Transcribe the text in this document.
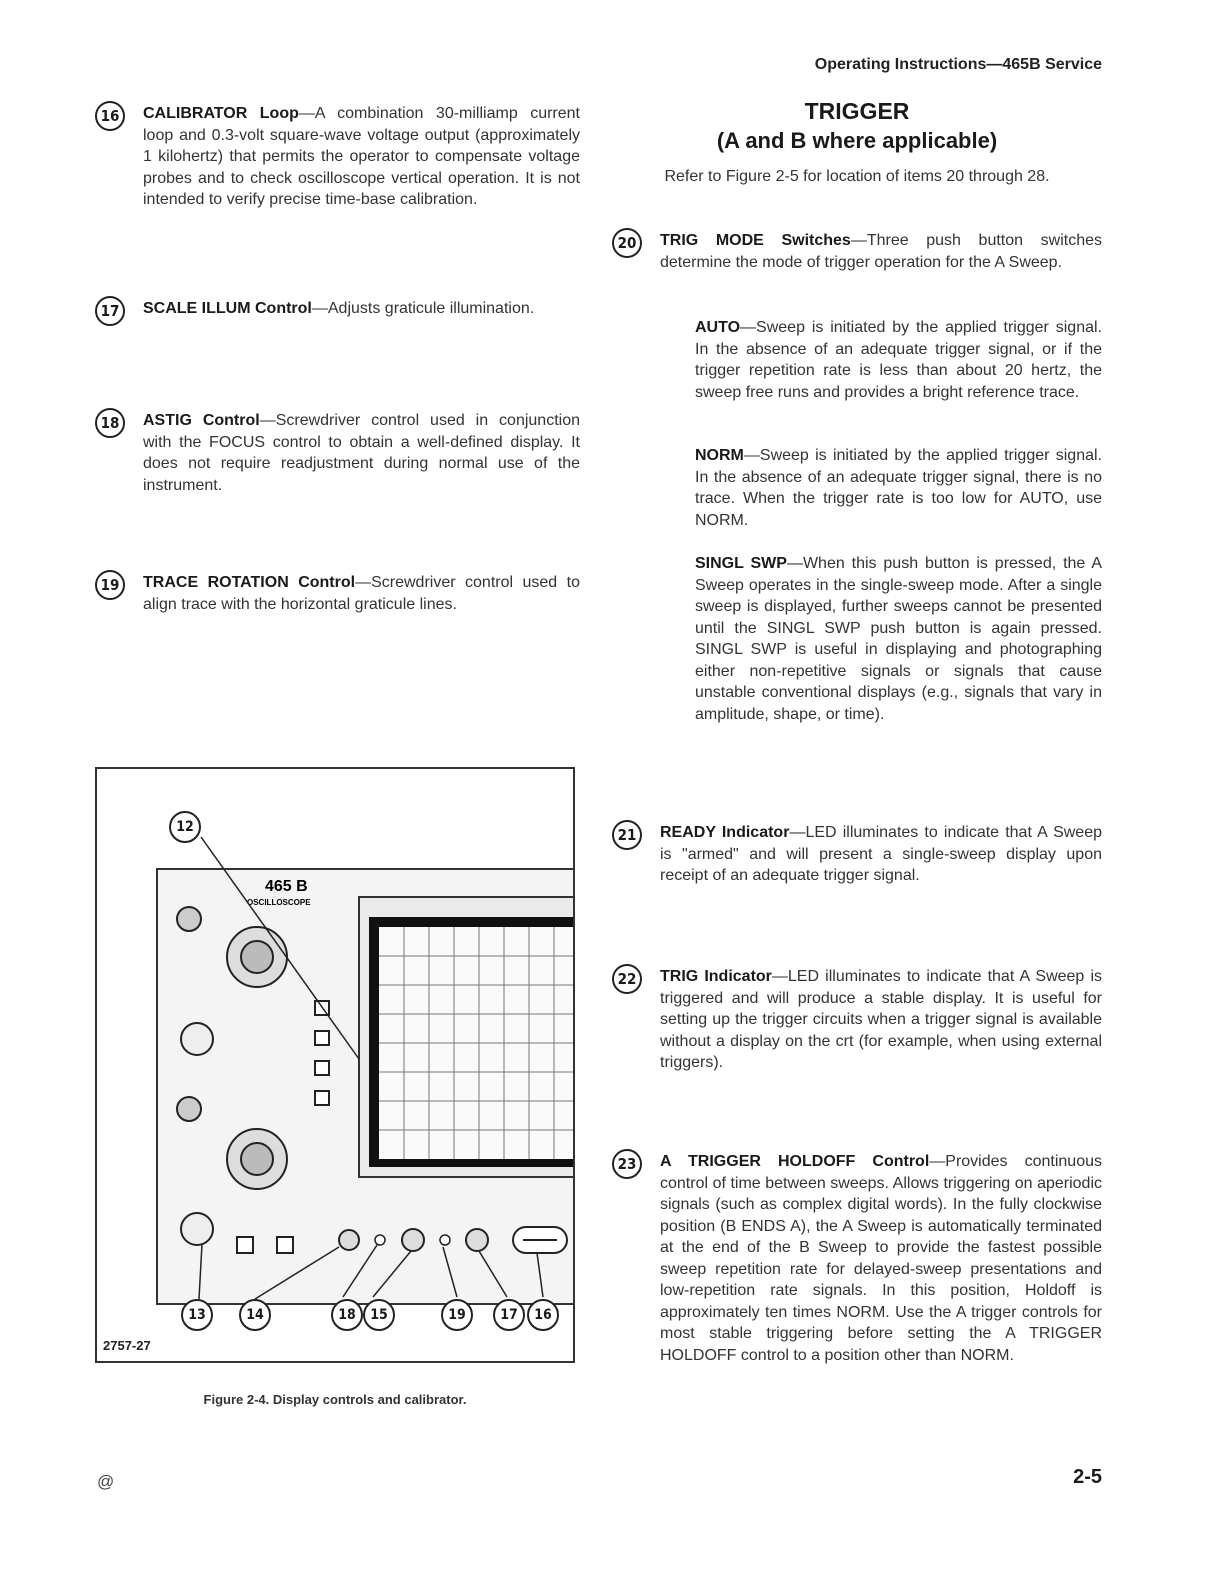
Operating Instructions—465B Service
16	CALIBRATOR Loop—A combination 30-milliamp current loop and 0.3-volt square-wave voltage output (approximately 1 kilohertz) that permits the operator to compensate voltage probes and to check oscilloscope vertical operation. It is not intended to verify precise time-base calibration.
17	SCALE ILLUM Control—Adjusts graticule illumination.
18	ASTIG Control—Screwdriver control used in conjunction with the FOCUS control to obtain a well-defined display. It does not require readjustment during normal use of the instrument.
19	TRACE ROTATION Control—Screwdriver control used to align trace with the horizontal graticule lines.
TRIGGER
(A and B where applicable)
Refer to Figure 2-5 for location of items 20 through 28.
20	TRIG MODE Switches—Three push button switches determine the mode of trigger operation for the A Sweep.
AUTO—Sweep is initiated by the applied trigger signal. In the absence of an adequate trigger signal, or if the trigger repetition rate is less than about 20 hertz, the sweep free runs and provides a bright reference trace.
NORM—Sweep is initiated by the applied trigger signal. In the absence of an adequate trigger signal, there is no trace. When the trigger rate is too low for AUTO, use NORM.
SINGL SWP—When this push button is pressed, the A Sweep operates in the single-sweep mode. After a single sweep is displayed, further sweeps cannot be presented until the SINGL SWP push button is again pressed. SINGL SWP is useful in displaying and photographing either non-repetitive signals or signals that cause unstable conventional displays (e.g., signals that vary in amplitude, shape, or time).
21	READY Indicator—LED illuminates to indicate that A Sweep is "armed" and will present a single-sweep display upon receipt of an adequate trigger signal.
22	TRIG Indicator—LED illuminates to indicate that A Sweep is triggered and will produce a stable display. It is useful for setting up the trigger circuits when a trigger signal is available without a display on the crt (for example, when using external triggers).
23	A TRIGGER HOLDOFF Control—Provides continuous control of time between sweeps. Allows triggering on aperiodic signals (such as complex digital words). In the fully clockwise position (B ENDS A), the A Sweep is automatically terminated at the end of the B Sweep to provide the fastest possible sweep repetition rate for delayed-sweep presentations and low-repetition rate signals. In this position, Holdoff is approximately ten times NORM. Use the A trigger controls for most stable triggering before setting the A TRIGGER HOLDOFF control to a position other than NORM.
465 B
OSCILLOSCOPE
12
13	14	18	15	19	17	16
2757-27
Figure 2-4. Display controls and calibrator.
@	2-5
